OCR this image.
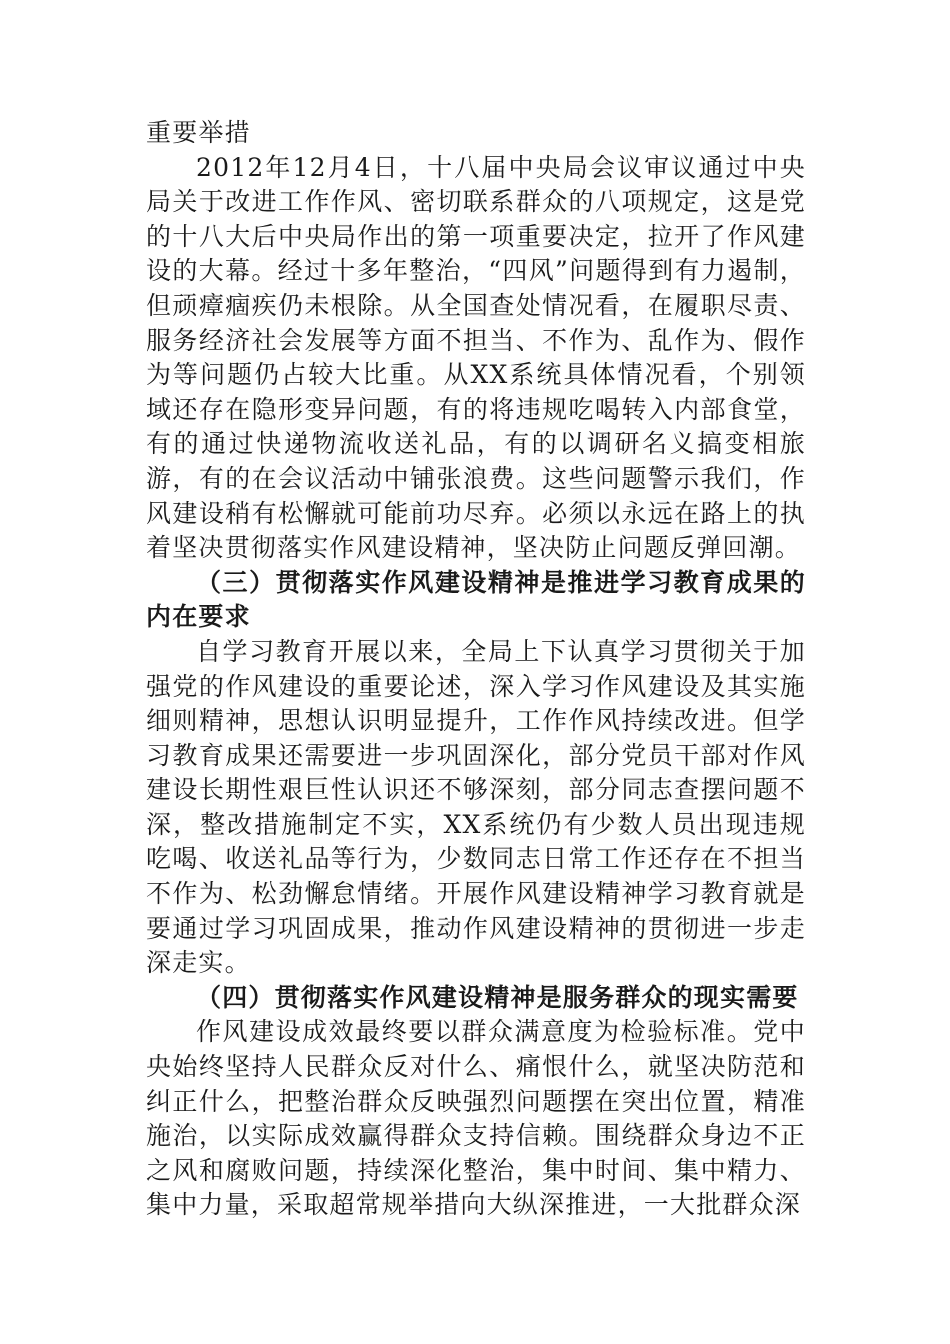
重要举措

2012年12月4日，十八届中央局会议审议通过中央局关于改进工作作风、密切联系群众的八项规定，这是党的十八大后中央局作出的第一项重要决定，拉开了作风建设的大幕。经过十多年整治，“四风”问题得到有力遏制，但顽瘴痼疾仍未根除。从全国查处情况看，在履职尽责、服务经济社会发展等方面不担当、不作为、乱作为、假作为等问题仍占较大比重。从XX系统具体情况看，个别领域还存在隐形变异问题，有的将违规吃喝转入内部食堂，有的通过快递物流收送礼品，有的以调研名义搞变相旅游，有的在会议活动中铺张浪费。这些问题警示我们，作风建设稍有松懈就可能前功尽弃。必须以永远在路上的执着坚决贯彻落实作风建设精神，坚决防止问题反弹回潮。

（三）贯彻落实作风建设精神是推进学习教育成果的内在要求

自学习教育开展以来，全局上下认真学习贯彻关于加强党的作风建设的重要论述，深入学习作风建设及其实施细则精神，思想认识明显提升，工作作风持续改进。但学习教育成果还需要进一步巩固深化，部分党员干部对作风建设长期性艰巨性认识还不够深刻，部分同志查摆问题不深，整改措施制定不实，XX系统仍有少数人员出现违规吃喝、收送礼品等行为，少数同志日常工作还存在不担当不作为、松劲懈怠情绪。开展作风建设精神学习教育就是要通过学习巩固成果，推动作风建设精神的贯彻进一步走深走实。

（四）贯彻落实作风建设精神是服务群众的现实需要

作风建设成效最终要以群众满意度为检验标准。党中央始终坚持人民群众反对什么、痛恨什么，就坚决防范和纠正什么，把整治群众反映强烈问题摆在突出位置，精准施治，以实际成效赢得群众支持信赖。围绕群众身边不正之风和腐败问题，持续深化整治，集中时间、集中精力、集中力量，采取超常规举措向大纵深推进，一大批群众深
